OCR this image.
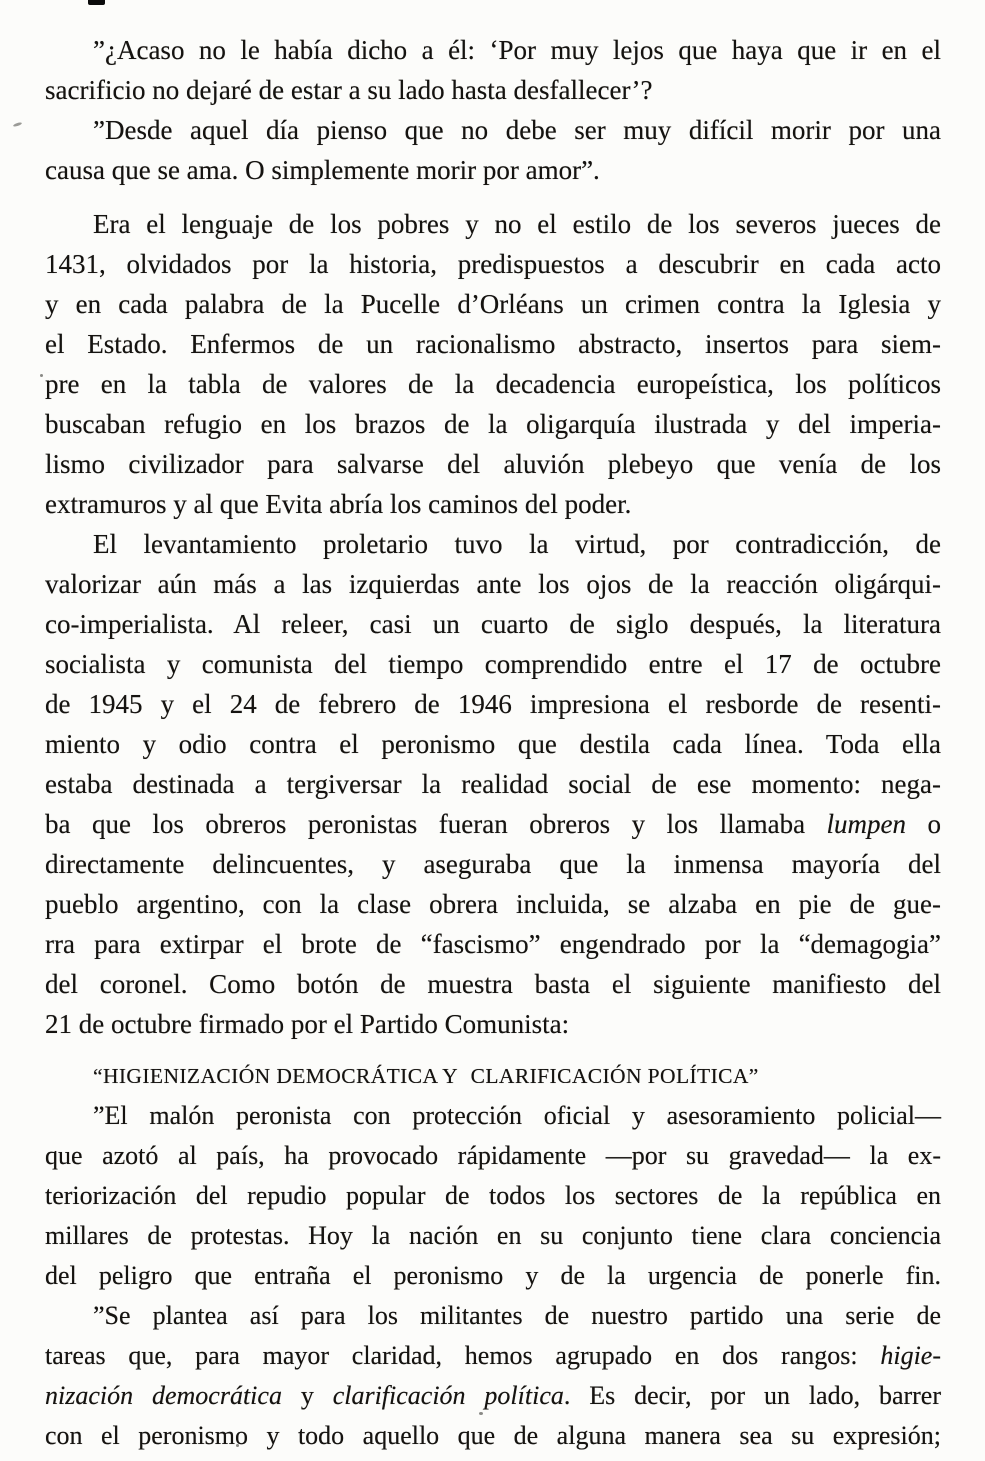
”¿Acaso no le había dicho a él: ‘Por muy lejos que haya que ir en el
sacrificio no dejaré de estar a su lado hasta desfallecer’?
”Desde aquel día pienso que no debe ser muy difícil morir por una
causa que se ama. O simplemente morir por amor”.
Era el lenguaje de los pobres y no el estilo de los severos jueces de
1431, olvidados por la historia, predispuestos a descubrir en cada acto
y en cada palabra de la Pucelle d’Orléans un crimen contra la Iglesia y
el Estado. Enfermos de un racionalismo abstracto, insertos para siem-
pre en la tabla de valores de la decadencia europeística, los políticos
buscaban refugio en los brazos de la oligarquía ilustrada y del imperia-
lismo civilizador para salvarse del aluvión plebeyo que venía de los
extramuros y al que Evita abría los caminos del poder.
El levantamiento proletario tuvo la virtud, por contradicción, de
valorizar aún más a las izquierdas ante los ojos de la reacción oligárqui-
co-imperialista. Al releer, casi un cuarto de siglo después, la literatura
socialista y comunista del tiempo comprendido entre el 17 de octubre
de 1945 y el 24 de febrero de 1946 impresiona el resborde de resenti-
miento y odio contra el peronismo que destila cada línea. Toda ella
estaba destinada a tergiversar la realidad social de ese momento: nega-
ba que los obreros peronistas fueran obreros y los llamaba lumpen o
directamente delincuentes, y aseguraba que la inmensa mayoría del
pueblo argentino, con la clase obrera incluida, se alzaba en pie de gue-
rra para extirpar el brote de “fascismo” engendrado por la “demagogia”
del coronel. Como botón de muestra basta el siguiente manifiesto del
21 de octubre firmado por el Partido Comunista:
“HIGIENIZACIÓN DEMOCRÁTICA Y  CLARIFICACIÓN POLÍTICA”
”El malón peronista con protección oficial y asesoramiento policial—
que azotó al país, ha provocado rápidamente —por su gravedad— la ex-
teriorización del repudio popular de todos los sectores de la república en
millares de protestas. Hoy la nación en su conjunto tiene clara conciencia
del peligro que entraña el peronismo y de la urgencia de ponerle fin.
”Se plantea así para los militantes de nuestro partido una serie de
tareas que, para mayor claridad, hemos agrupado en dos rangos: higie-
nización democrática y clarificación política. Es decir, por un lado, barrer
con el peronismo y todo aquello que de alguna manera sea su expresión;
